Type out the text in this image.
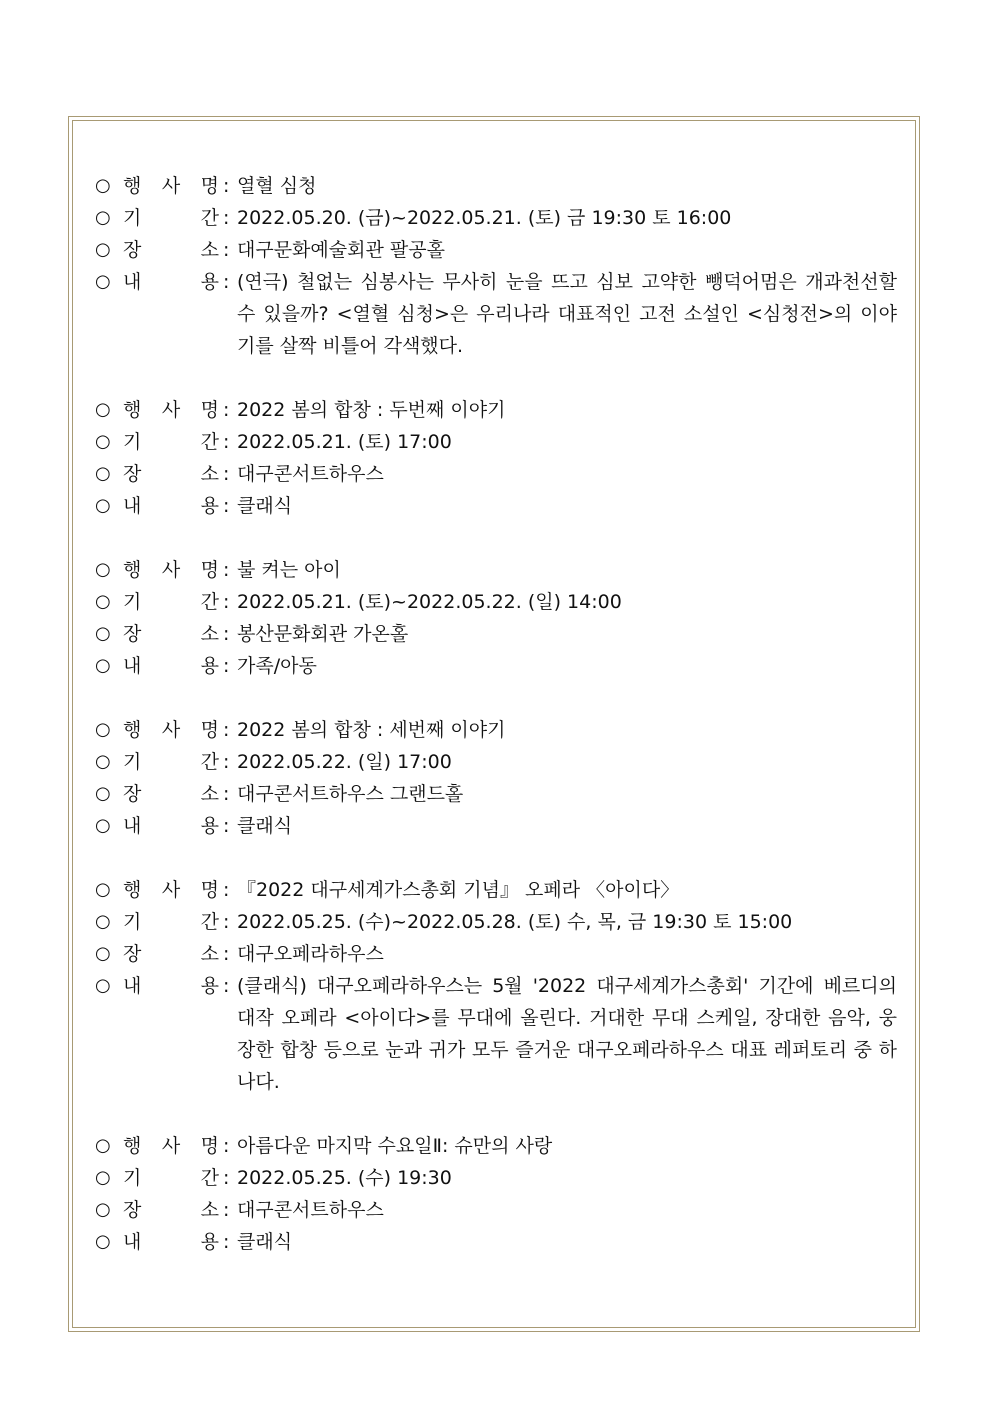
○ 행 사 명 : 열혈 심청
○ 기	간 : 2022.05.20. (금)~2022.05.21. (토) 금 19:30 토 16:00
○ 장	소 : 대구문화예술회관 팔공홀
○ 내	용 : (연극) 철없는 심봉사는 무사히 눈을 뜨고 심보 고약한 뺑덕어멈은 개과천선할 수 있을까? <열혈 심청>은 우리나라 대표적인 고전 소설인 <심청전>의 이야기를 살짝 비틀어 각색했다.
○ 행 사 명 : 2022 봄의 합창 : 두번째 이야기
○ 기	간 : 2022.05.21. (토) 17:00
○ 장	소 : 대구콘서트하우스
○ 내	용 : 클래식
○ 행 사 명 : 불 켜는 아이
○ 기	간 : 2022.05.21. (토)~2022.05.22. (일) 14:00
○ 장	소 : 봉산문화회관 가온홀
○ 내	용 : 가족/아동
○ 행 사 명 : 2022 봄의 합창 : 세번째 이야기
○ 기	간 : 2022.05.22. (일) 17:00
○ 장	소 : 대구콘서트하우스 그랜드홀
○ 내	용 : 클래식
○ 행 사 명 : 『2022 대구세계가스총회 기념』 오페라 〈아이다〉
○ 기	간 : 2022.05.25. (수)~2022.05.28. (토) 수, 목, 금 19:30 토 15:00
○ 장	소 : 대구오페라하우스
○ 내	용 : (클래식) 대구오페라하우스는 5월 '2022 대구세계가스총회' 기간에 베르디의 대작 오페라 <아이다>를 무대에 올린다. 거대한 무대 스케일, 장대한 음악, 웅장한 합창 등으로 눈과 귀가 모두 즐거운 대구오페라하우스 대표 레퍼토리 중 하나다.
○ 행 사 명 : 아름다운 마지막 수요일Ⅱ: 슈만의 사랑
○ 기	간 : 2022.05.25. (수) 19:30
○ 장	소 : 대구콘서트하우스
○ 내	용 : 클래식
